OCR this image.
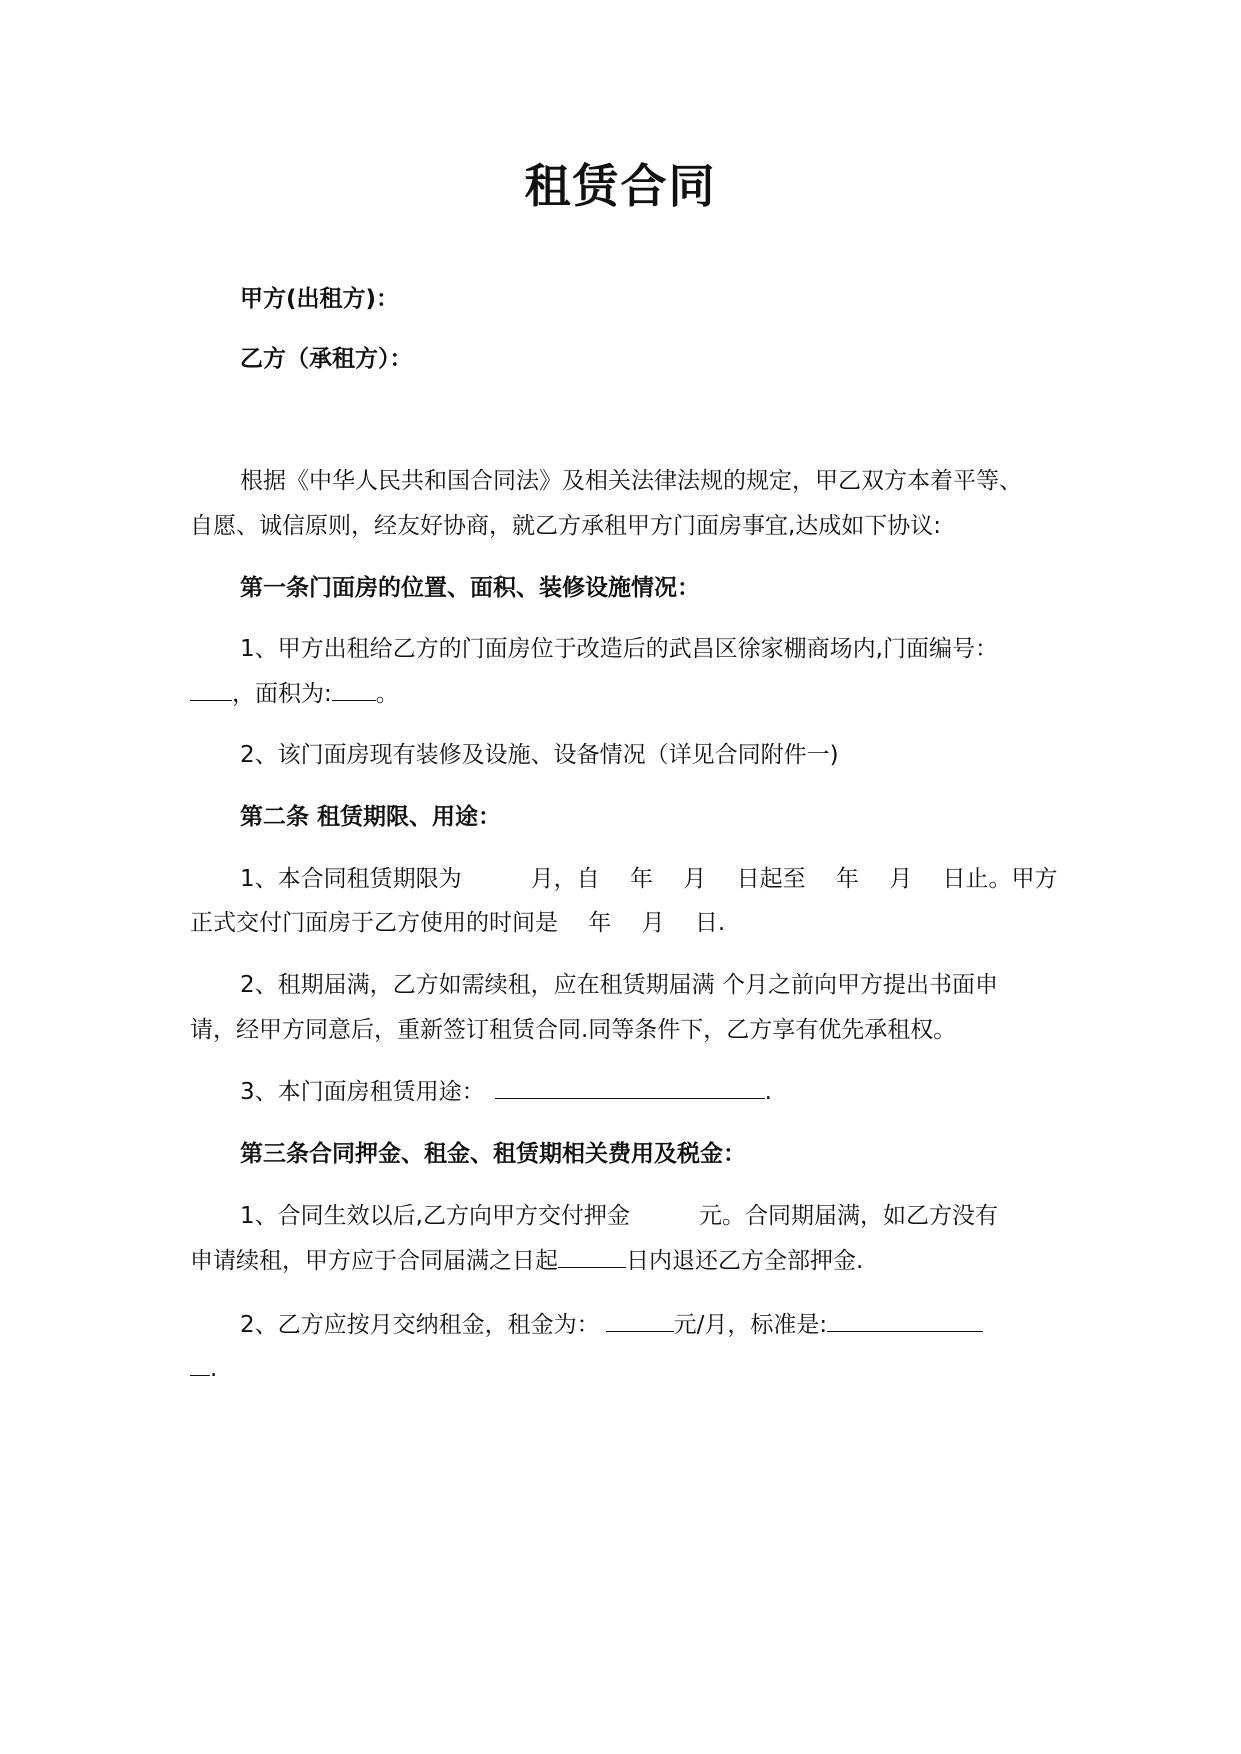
租赁合同
甲方(出租方)：
乙方（承租方）：
根据《中华人民共和国合同法》及相关法律法规的规定，甲乙双方本着平等、
自愿、诚信原则，经友好协商，就乙方承租甲方门面房事宜,达成如下协议:
第一条门面房的位置、面积、装修设施情况：
1、甲方出租给乙方的门面房位于改造后的武昌区徐家棚商场内,门面编号：
，面积为: 。
2、该门面房现有装修及设施、设备情况（详见合同附件一)
第二条 租赁期限、用途：
1、本合同租赁期限为　　　月，自　 年　 月　 日起至　 年　 月　 日止。甲方
正式交付门面房于乙方使用的时间是　 年　 月　 日.
2、租期届满，乙方如需续租，应在租赁期届满 个月之前向甲方提出书面申
请，经甲方同意后，重新签订租赁合同.同等条件下，乙方享有优先承租权。
3、本门面房租赁用途：	.
第三条合同押金、租金、租赁期相关费用及税金：
1、合同生效以后,乙方向甲方交付押金　　　元。合同期届满，如乙方没有
申请续租，甲方应于合同届满之日起	日内退还乙方全部押金.
2、乙方应按月交纳租金，租金为：	元/月，标准是:
.
